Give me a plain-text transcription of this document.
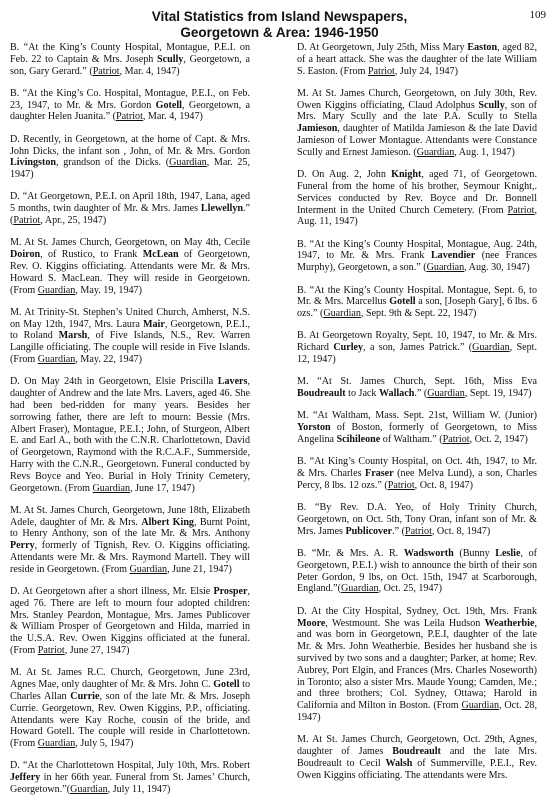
109
Vital Statistics from Island Newspapers,
Georgetown & Area: 1946-1950

B. “At the King’s County Hospital, Montague, P.E.I. on Feb. 22 to Captain & Mrs. Joseph Scully, Georgetown, a son, Gary Gerard.” (Patriot, Mar. 4, 1947)

B. “At the King’s Co. Hospital, Montague, P.E.I., on Feb. 23, 1947, to Mr. & Mrs. Gordon Gotell, Georgetown, a daughter Helen Juanita.” (Patriot, Mar. 4, 1947)

D. Recently, in Georgetown, at the home of Capt. & Mrs. John Dicks, the infant son , John, of Mr. & Mrs. Gordon Livingston, grandson of the Dicks. (Guardian, Mar. 25, 1947)

D. “At Georgetown, P.E.I. on April 18th, 1947, Lana, aged 5 months, twin daughter of Mr. & Mrs. James Llewellyn.” (Patriot, Apr., 25, 1947)

M. At St. James Church, Georgetown, on May 4th, Cecile Doiron, of Rustico, to Frank McLean of Georgetown, Rev. O. Kiggins officiating. Attendants were Mr. & Mrs. Howard S. MacLean. They will reside in Georgetown. (From Guardian, May. 19, 1947)

M. At Trinity-St. Stephen’s United Church, Amherst, N.S. on May 12th, 1947, Mrs. Laura Mair, Georgetown, P.E.I., to Roland Marsh, of Five Islands, N.S., Rev. Warren Langille officiating. The couple will reside in Five Islands. (From Guardian, May. 22, 1947)

D. On May 24th in Georgetown, Elsie Priscilla Lavers, daughter of Andrew and the late Mrs. Lavers, aged 46. She had been bed-ridden for many years. Besides her sorrowing father, there are left to mourn: Bessie (Mrs. Albert Fraser), Montague, P.E.I.; John, of Sturgeon, Albert E. and Earl A., both with the C.N.R. Charlottetown, David of Georgetown, Raymond with the R.C.A.F., Summerside, Harry with the C.N.R., Georgetown. Funeral conducted by Revs Boyce and Yeo. Burial in Holy Trinity Cemetery, Georgetown. (From Guardian, June 17, 1947)

M. At St. James Church, Georgetown, June 18th, Elizabeth Adele, daughter of Mr. & Mrs. Albert King, Burnt Point, to Henry Anthony, son of the late Mr. & Mrs. Anthony Perry, formerly of Tignish, Rev. O. Kiggins officiating. Attendants were Mr. & Mrs. Raymond Martell. They will reside in Georgetown. (From Guardian, June 21, 1947)

D. At Georgetown after a short illness, Mr. Elsie Prosper, aged 76. There are left to mourn four adopted children: Mrs. Stanley Peardon, Montague, Mrs. James Publicover & William Prosper of Georgetown and Hilda, married in the U.S.A. Rev. Owen Kiggins officiated at the funeral. (From Patriot, June 27, 1947)

M. At St. James R.C. Church, Georgetown, June 23rd, Agnes Mae, only daughter of Mr. & Mrs. John C. Gotell to Charles Allan Currie, son of the late Mr. & Mrs. Joseph Currie. Georgetown, Rev. Owen Kiggins, P.P., officiating. Attendants were Kay Roche, cousin of the bride, and Howard Gotell. The couple will reside in Charlottetown. (From Guardian, July 5, 1947)

D. “At the Charlottetown Hospital, July 10th, Mrs. Robert Jeffery in her 66th year. Funeral from St. James’ Church, Georgetown.”(Guardian, July 11, 1947)

D. At Georgetown, July 25th, Miss Mary Easton, aged 82, of a heart attack. She was the daughter of the late William S. Easton. (From Patriot, July 24, 1947)

M. At St. James Church, Georgetown, on July 30th, Rev. Owen Kiggins officiating, Claud Adolphus Scully, son of Mrs. Mary Scully and the late P.A. Scully to Stella Jamieson, daughter of Matilda Jamieson & the late David Jamieson of Lower Montague. Attendants were Constance Scully and Ernest Jamieson. (Guardian, Aug. 1, 1947)

D. On Aug. 2, John Knight, aged 71, of Georgetown. Funeral from the home of his brother, Seymour Knight,. Services conducted by Rev. Boyce and Dr. Bonnell Interment in the United Church Cemetery. (From Patriot, Aug. 11, 1947)

B. “At the King’s County Hospital, Montague, Aug. 24th, 1947, to Mr. & Mrs. Frank Lavendier (nee Frances Murphy), Georgetown, a son.” (Guardian, Aug. 30, 1947)

B. “At the King’s County Hospital. Montague, Sept. 6, to Mr. & Mrs. Marcellus Gotell a son, [Joseph Gary], 6 lbs. 6 ozs.” (Guardian, Sept. 9th & Sept. 22, 1947)

B. At Georgetown Royalty, Sept. 10, 1947, to Mr. & Mrs. Richard Curley, a son, James Patrick.” (Guardian, Sept. 12, 1947)

M. “At St. James Church, Sept. 16th, Miss Eva Boudreault to Jack Wallach.” (Guardian, Sept. 19, 1947)

M. “At Waltham, Mass. Sept. 21st, William W. (Junior) Yorston of Boston, formerly of Georgetown, to Miss Angelina Scihileone of Waltham.” (Patriot, Oct. 2, 1947)

B. “At King’s County Hospital, on Oct. 4th, 1947, to Mr. & Mrs. Charles Fraser (nee Melva Lund), a son, Charles Percy, 8 lbs. 12 ozs.” (Patriot, Oct. 8, 1947)

B. “By Rev. D.A. Yeo, of Holy Trinity Church, Georgetown, on Oct. 5th, Tony Oran, infant son of Mr. & Mrs. James Publicover.” (Patriot, Oct. 8, 1947)

B. “Mr. & Mrs. A. R. Wadsworth (Bunny Leslie, of Georgetown, P.E.I.) wish to announce the birth of their son Peter Gordon, 9 lbs, on Oct. 15th, 1947 at Scarborough, England.”(Guardian, Oct. 25, 1947)

D. At the City Hospital, Sydney, Oct. 19th, Mrs. Frank Moore, Westmount. She was Leila Hudson Weatherbie, and was born in Georgetown, P.E.I, daughter of the late Mr. & Mrs. John Weatherbie. Besides her husband she is survived by two sons and a daughter; Parker, at home; Rev. Aubrey, Port Elgin, and Frances (Mrs. Charles Noseworth) in Toronto; also a sister Mrs. Maude Young; Camden, Me.; and three brothers; Col. Sydney, Ottawa; Harold in California and Milton in Boston. (From Guardian, Oct. 28, 1947)

M. At St. James Church, Georgetown, Oct. 29th, Agnes, daughter of James Boudreault and the late Mrs. Boudreault to Cecil Walsh of Summerville, P.E.I., Rev. Owen Kiggins officiating. The attendants were Mrs.
